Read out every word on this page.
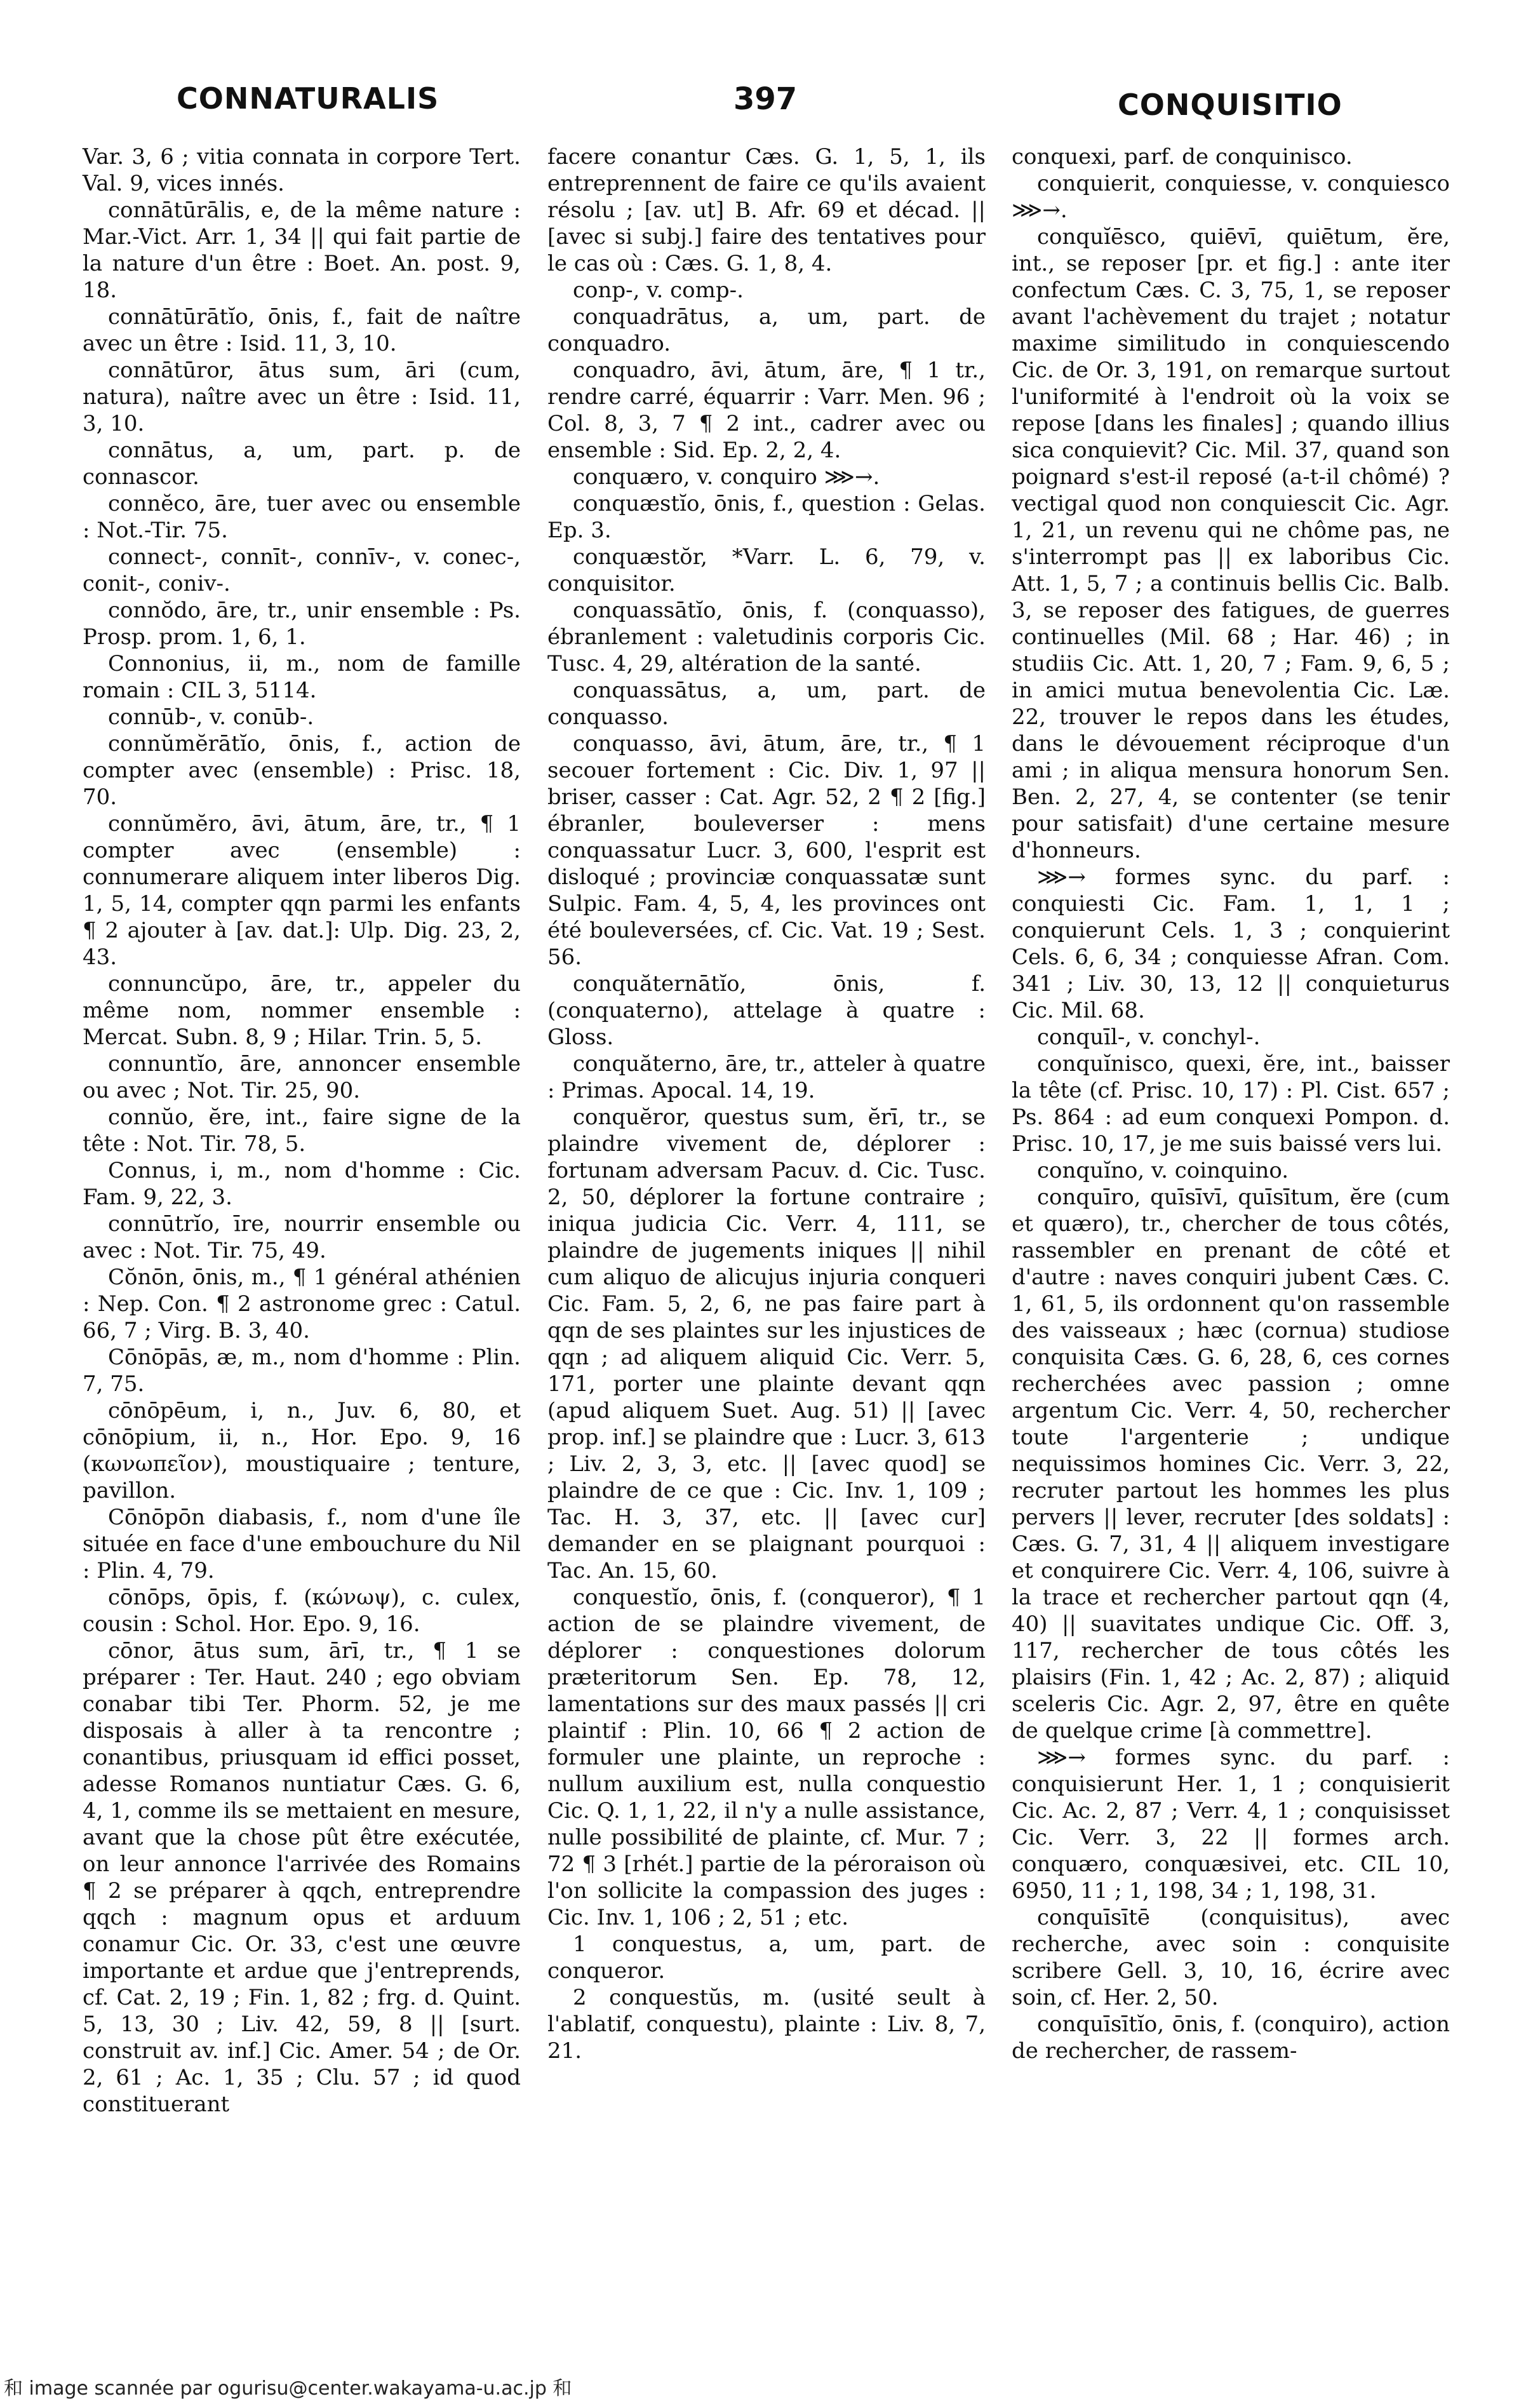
CONNATURALIS	397	CONQUISITIO

Var. 3, 6 ; vitia connata in corpore Tert. Val. 9, vices innés.

connātūrālis, e, de la même nature : Mar.-Vict. Arr. 1, 34 || qui fait partie de la nature d'un être : Boet. An. post. 9, 18.

connātūrātĭo, ōnis, f., fait de naître avec un être : Isid. 11, 3, 10.

connātūror, ātus sum, āri (cum, natura), naître avec un être : Isid. 11, 3, 10.

connātus, a, um, part. p. de connascor.

connĕco, āre, tuer avec ou ensemble : Not.-Tir. 75.

connect-, connīt-, connīv-, v. conec-, conit-, coniv-.

connŏdo, āre, tr., unir ensemble : Ps. Prosp. prom. 1, 6, 1.

Connonius, ii, m., nom de famille romain : CIL 3, 5114.

connūb-, v. conūb-.

connŭmĕrātĭo, ōnis, f., action de compter avec (ensemble) : Prisc. 18, 70.

connŭmĕro, āvi, ātum, āre, tr., ¶ 1 compter avec (ensemble) : connumerare aliquem inter liberos Dig. 1, 5, 14, compter qqn parmi les enfants ¶ 2 ajouter à [av. dat.]: Ulp. Dig. 23, 2, 43.

connuncŭpo, āre, tr., appeler du même nom, nommer ensemble : Mercat. Subn. 8, 9 ; Hilar. Trin. 5, 5.

connuntĭo, āre, annoncer ensemble ou avec ; Not. Tir. 25, 90.

connŭo, ĕre, int., faire signe de la tête : Not. Tir. 78, 5.

Connus, i, m., nom d'homme : Cic. Fam. 9, 22, 3.

connūtrĭo, īre, nourrir ensemble ou avec : Not. Tir. 75, 49.

Cŏnōn, ōnis, m., ¶ 1 général athénien : Nep. Con. ¶ 2 astronome grec : Catul. 66, 7 ; Virg. B. 3, 40.

Cōnōpās, æ, m., nom d'homme : Plin. 7, 75.

cōnōpēum, i, n., Juv. 6, 80, et cōnōpium, ii, n., Hor. Epo. 9, 16 (κωνωπεῖον), moustiquaire ; tenture, pavillon.

Cōnōpōn diabasis, f., nom d'une île située en face d'une embouchure du Nil : Plin. 4, 79.

cōnōps, ōpis, f. (κώνωψ), c. culex, cousin : Schol. Hor. Epo. 9, 16.

cōnor, ātus sum, ārī, tr., ¶ 1 se préparer : Ter. Haut. 240 ; ego obviam conabar tibi Ter. Phorm. 52, je me disposais à aller à ta rencontre ; conantibus, priusquam id effici posset, adesse Romanos nuntiatur Cæs. G. 6, 4, 1, comme ils se mettaient en mesure, avant que la chose pût être exécutée, on leur annonce l'arrivée des Romains ¶ 2 se préparer à qqch, entreprendre qqch : magnum opus et arduum conamur Cic. Or. 33, c'est une œuvre importante et ardue que j'entreprends, cf. Cat. 2, 19 ; Fin. 1, 82 ; frg. d. Quint. 5, 13, 30 ; Liv. 42, 59, 8 || [surt. construit av. inf.] Cic. Amer. 54 ; de Or. 2, 61 ; Ac. 1, 35 ; Clu. 57 ; id quod constituerant

facere conantur Cæs. G. 1, 5, 1, ils entreprennent de faire ce qu'ils avaient résolu ; [av. ut] B. Afr. 69 et décad. || [avec si subj.] faire des tentatives pour le cas où : Cæs. G. 1, 8, 4.

conp-, v. comp-.

conquadrātus, a, um, part. de conquadro.

conquadro, āvi, ātum, āre, ¶ 1 tr., rendre carré, équarrir : Varr. Men. 96 ; Col. 8, 3, 7 ¶ 2 int., cadrer avec ou ensemble : Sid. Ep. 2, 2, 4.

conquæro, v. conquiro ⋙→.

conquæstĭo, ōnis, f., question : Gelas. Ep. 3.

conquæstŏr, *Varr. L. 6, 79, v. conquisitor.

conquassātĭo, ōnis, f. (conquasso), ébranlement : valetudinis corporis Cic. Tusc. 4, 29, altération de la santé.

conquassātus, a, um, part. de conquasso.

conquasso, āvi, ātum, āre, tr., ¶ 1 secouer fortement : Cic. Div. 1, 97 || briser, casser : Cat. Agr. 52, 2 ¶ 2 [fig.] ébranler, bouleverser : mens conquassatur Lucr. 3, 600, l'esprit est disloqué ; provinciæ conquassatæ sunt Sulpic. Fam. 4, 5, 4, les provinces ont été bouleversées, cf. Cic. Vat. 19 ; Sest. 56.

conquăternātĭo, ōnis, f. (conquaterno), attelage à quatre : Gloss.

conquăterno, āre, tr., atteler à quatre : Primas. Apocal. 14, 19.

conquĕror, questus sum, ĕrī, tr., se plaindre vivement de, déplorer : fortunam adversam Pacuv. d. Cic. Tusc. 2, 50, déplorer la fortune contraire ; iniqua judicia Cic. Verr. 4, 111, se plaindre de jugements iniques || nihil cum aliquo de alicujus injuria conqueri Cic. Fam. 5, 2, 6, ne pas faire part à qqn de ses plaintes sur les injustices de qqn ; ad aliquem aliquid Cic. Verr. 5, 171, porter une plainte devant qqn (apud aliquem Suet. Aug. 51) || [avec prop. inf.] se plaindre que : Lucr. 3, 613 ; Liv. 2, 3, 3, etc. || [avec quod] se plaindre de ce que : Cic. Inv. 1, 109 ; Tac. H. 3, 37, etc. || [avec cur] demander en se plaignant pourquoi : Tac. An. 15, 60.

conquestĭo, ōnis, f. (conqueror), ¶ 1 action de se plaindre vivement, de déplorer : conquestiones dolorum præteritorum Sen. Ep. 78, 12, lamentations sur des maux passés || cri plaintif : Plin. 10, 66 ¶ 2 action de formuler une plainte, un reproche : nullum auxilium est, nulla conquestio Cic. Q. 1, 1, 22, il n'y a nulle assistance, nulle possibilité de plainte, cf. Mur. 7 ; 72 ¶ 3 [rhét.] partie de la péroraison où l'on sollicite la compassion des juges : Cic. Inv. 1, 106 ; 2, 51 ; etc.

1 conquestus, a, um, part. de conqueror.

2 conquestŭs, m. (usité seult à l'ablatif, conquestu), plainte : Liv. 8, 7, 21.

conquexi, parf. de conquinisco.

conquierit, conquiesse, v. conquiesco ⋙→.

conquĭēsco, quiēvī, quiētum, ĕre, int., se reposer [pr. et fig.] : ante iter confectum Cæs. C. 3, 75, 1, se reposer avant l'achèvement du trajet ; notatur maxime similitudo in conquiescendo Cic. de Or. 3, 191, on remarque surtout l'uniformité à l'endroit où la voix se repose [dans les finales] ; quando illius sica conquievit? Cic. Mil. 37, quand son poignard s'est-il reposé (a-t-il chômé) ? vectigal quod non conquiescit Cic. Agr. 1, 21, un revenu qui ne chôme pas, ne s'interrompt pas || ex laboribus Cic. Att. 1, 5, 7 ; a continuis bellis Cic. Balb. 3, se reposer des fatigues, de guerres continuelles (Mil. 68 ; Har. 46) ; in studiis Cic. Att. 1, 20, 7 ; Fam. 9, 6, 5 ; in amici mutua benevolentia Cic. Læ. 22, trouver le repos dans les études, dans le dévouement réciproque d'un ami ; in aliqua mensura honorum Sen. Ben. 2, 27, 4, se contenter (se tenir pour satisfait) d'une certaine mesure d'honneurs.

⋙→ formes sync. du parf. : conquiesti Cic. Fam. 1, 1, 1 ; conquierunt Cels. 1, 3 ; conquierint Cels. 6, 6, 34 ; conquiesse Afran. Com. 341 ; Liv. 30, 13, 12 || conquieturus Cic. Mil. 68.

conquīl-, v. conchyl-.

conquĭnisco, quexi, ĕre, int., baisser la tête (cf. Prisc. 10, 17) : Pl. Cist. 657 ; Ps. 864 : ad eum conquexi Pompon. d. Prisc. 10, 17, je me suis baissé vers lui.

conquĭno, v. coinquino.

conquīro, quīsīvī, quīsītum, ĕre (cum et quæro), tr., chercher de tous côtés, rassembler en prenant de côté et d'autre : naves conquiri jubent Cæs. C. 1, 61, 5, ils ordonnent qu'on rassemble des vaisseaux ; hæc (cornua) studiose conquisita Cæs. G. 6, 28, 6, ces cornes recherchées avec passion ; omne argentum Cic. Verr. 4, 50, rechercher toute l'argenterie ; undique nequissimos homines Cic. Verr. 3, 22, recruter partout les hommes les plus pervers || lever, recruter [des soldats] : Cæs. G. 7, 31, 4 || aliquem investigare et conquirere Cic. Verr. 4, 106, suivre à la trace et rechercher partout qqn (4, 40) || suavitates undique Cic. Off. 3, 117, rechercher de tous côtés les plaisirs (Fin. 1, 42 ; Ac. 2, 87) ; aliquid sceleris Cic. Agr. 2, 97, être en quête de quelque crime [à commettre].

⋙→ formes sync. du parf. : conquisierunt Her. 1, 1 ; conquisierit Cic. Ac. 2, 87 ; Verr. 4, 1 ; conquisisset Cic. Verr. 3, 22 || formes arch. conquæro, conquæsivei, etc. CIL 10, 6950, 11 ; 1, 198, 34 ; 1, 198, 31.

conquīsītē (conquisitus), avec recherche, avec soin : conquisite scribere Gell. 3, 10, 16, écrire avec soin, cf. Her. 2, 50.

conquīsītĭo, ōnis, f. (conquiro), action de rechercher, de rassem-

和 image scannée par ogurisu@center.wakayama-u.ac.jp 和
